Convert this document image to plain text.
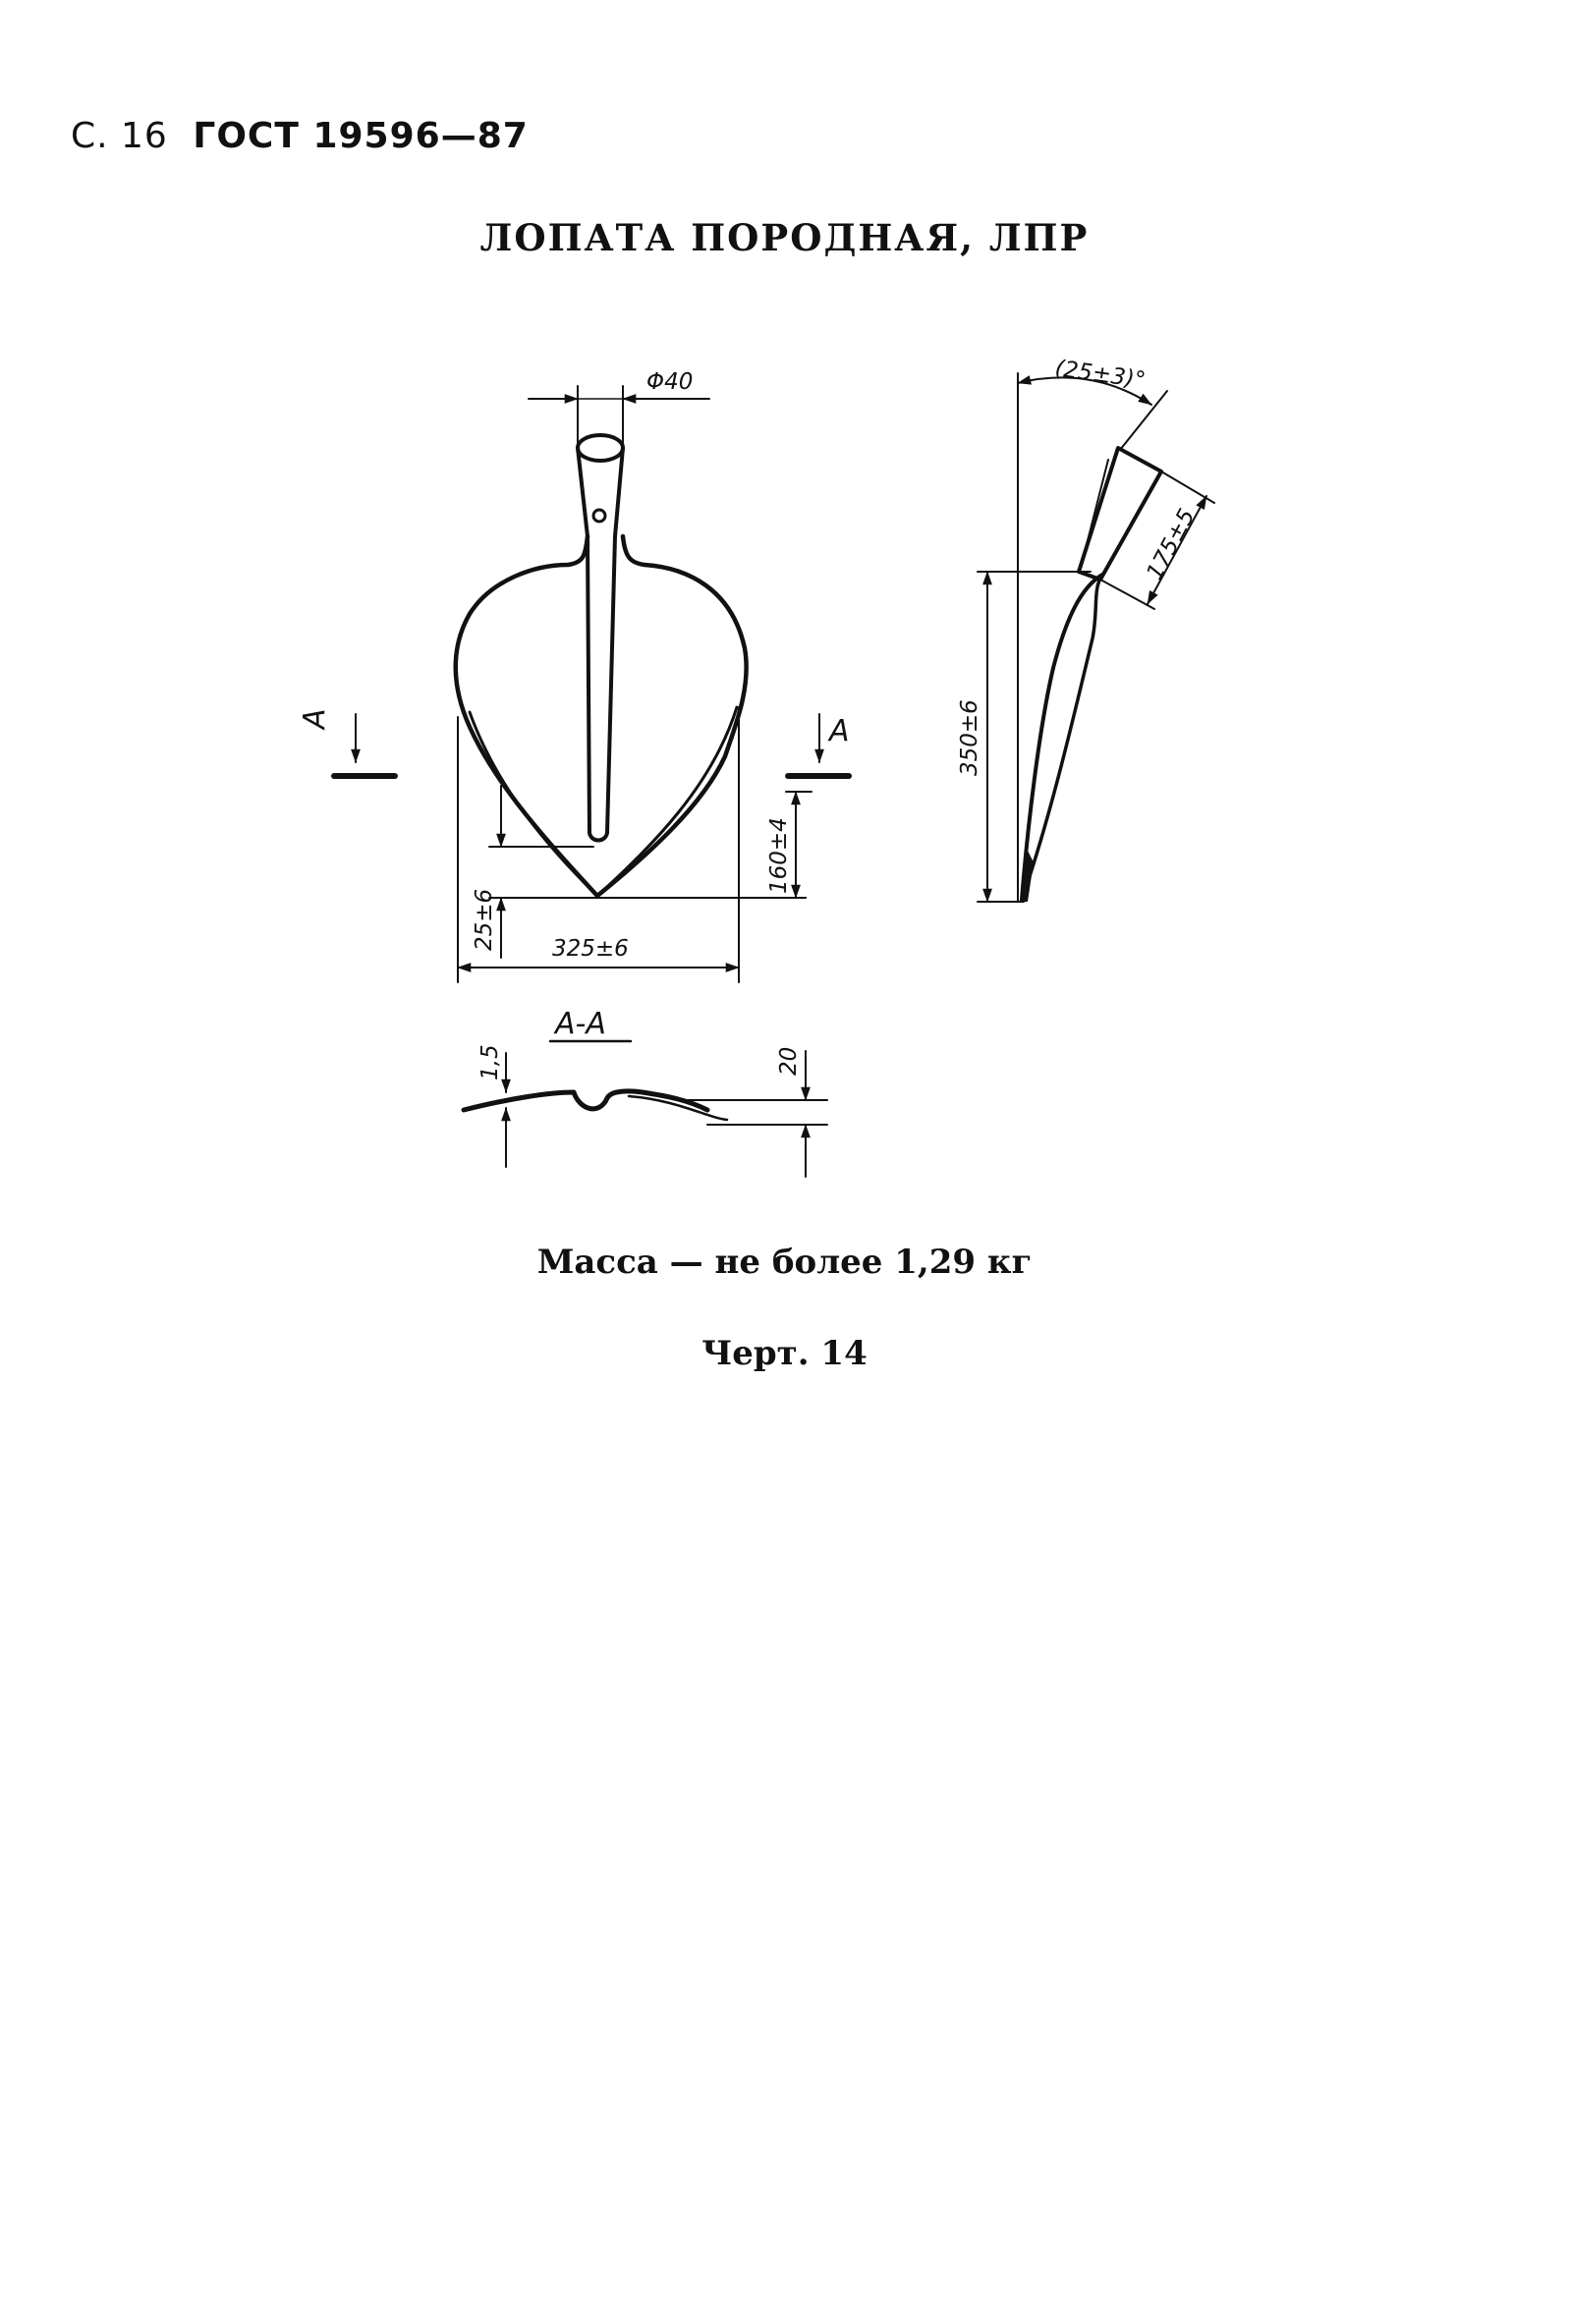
С. 16 ГОСТ 19596—87
ЛОПАТА ПОРОДНАЯ, ЛПР
Φ40
А	А
160±4
25±6 325±6
(25±3)°
175±5
350±6
А-А
1,5	20
Масса — не более 1,29 кг
Черт. 14
